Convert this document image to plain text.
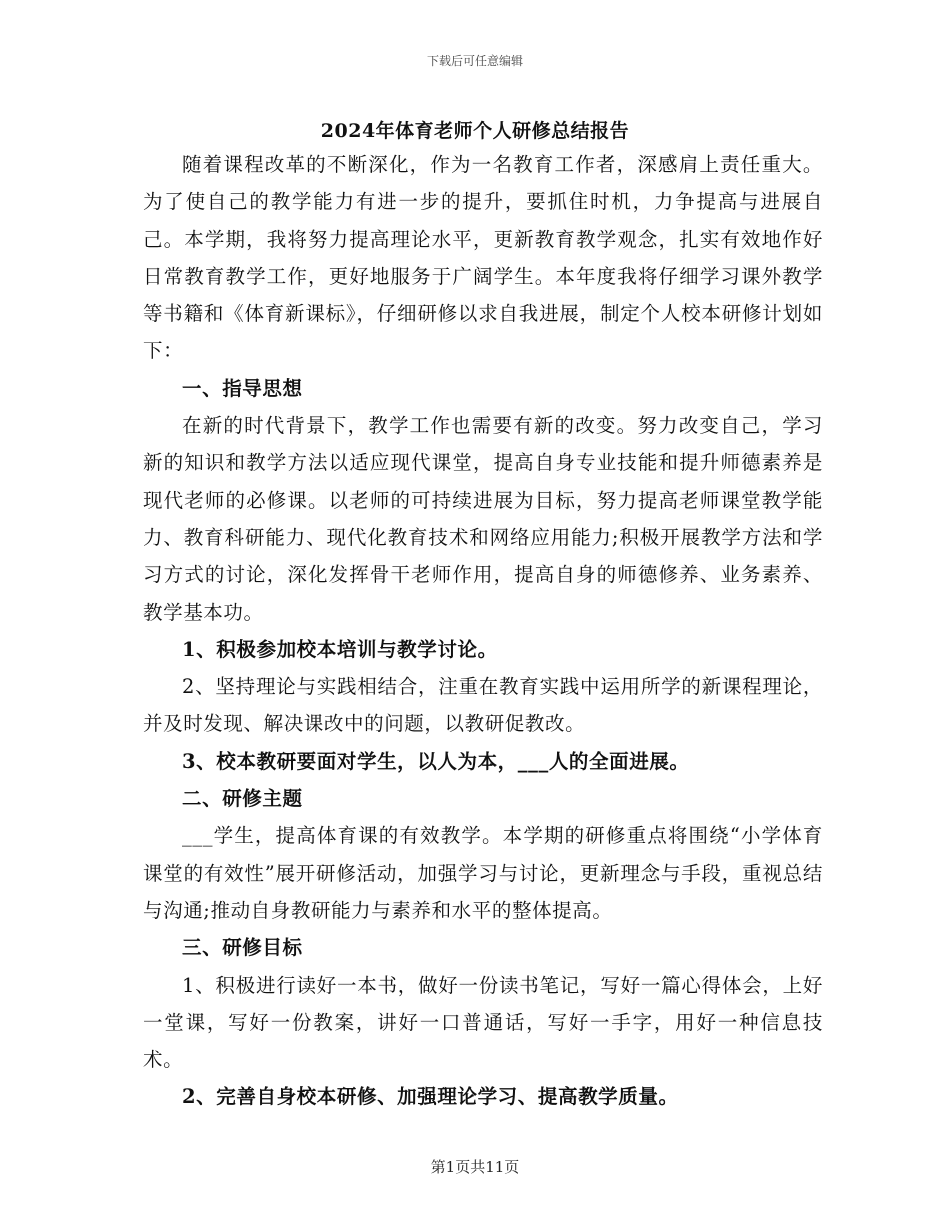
下载后可任意编辑
2024年体育老师个人研修总结报告

随着课程改革的不断深化，作为一名教育工作者，深感肩上责任重大。为了使自己的教学能力有进一步的提升，要抓住时机，力争提高与进展自己。本学期，我将努力提高理论水平，更新教育教学观念，扎实有效地作好日常教育教学工作，更好地服务于广阔学生。本年度我将仔细学习课外教学等书籍和《体育新课标》，仔细研修以求自我进展，制定个人校本研修计划如下：

一、指导思想

在新的时代背景下，教学工作也需要有新的改变。努力改变自己，学习新的知识和教学方法以适应现代课堂，提高自身专业技能和提升师德素养是现代老师的必修课。以老师的可持续进展为目标，努力提高老师课堂教学能力、教育科研能力、现代化教育技术和网络应用能力;积极开展教学方法和学习方式的讨论，深化发挥骨干老师作用，提高自身的师德修养、业务素养、教学基本功。

1、积极参加校本培训与教学讨论。

2、坚持理论与实践相结合，注重在教育实践中运用所学的新课程理论，并及时发现、解决课改中的问题，以教研促教改。

3、校本教研要面对学生，以人为本，___人的全面进展。

二、研修主题

___学生，提高体育课的有效教学。本学期的研修重点将围绕“小学体育课堂的有效性”展开研修活动，加强学习与讨论，更新理念与手段，重视总结与沟通;推动自身教研能力与素养和水平的整体提高。

三、研修目标

1、积极进行读好一本书，做好一份读书笔记，写好一篇心得体会，上好一堂课，写好一份教案，讲好一口普通话，写好一手字，用好一种信息技术。

2、完善自身校本研修、加强理论学习、提高教学质量。

第1页共11页
